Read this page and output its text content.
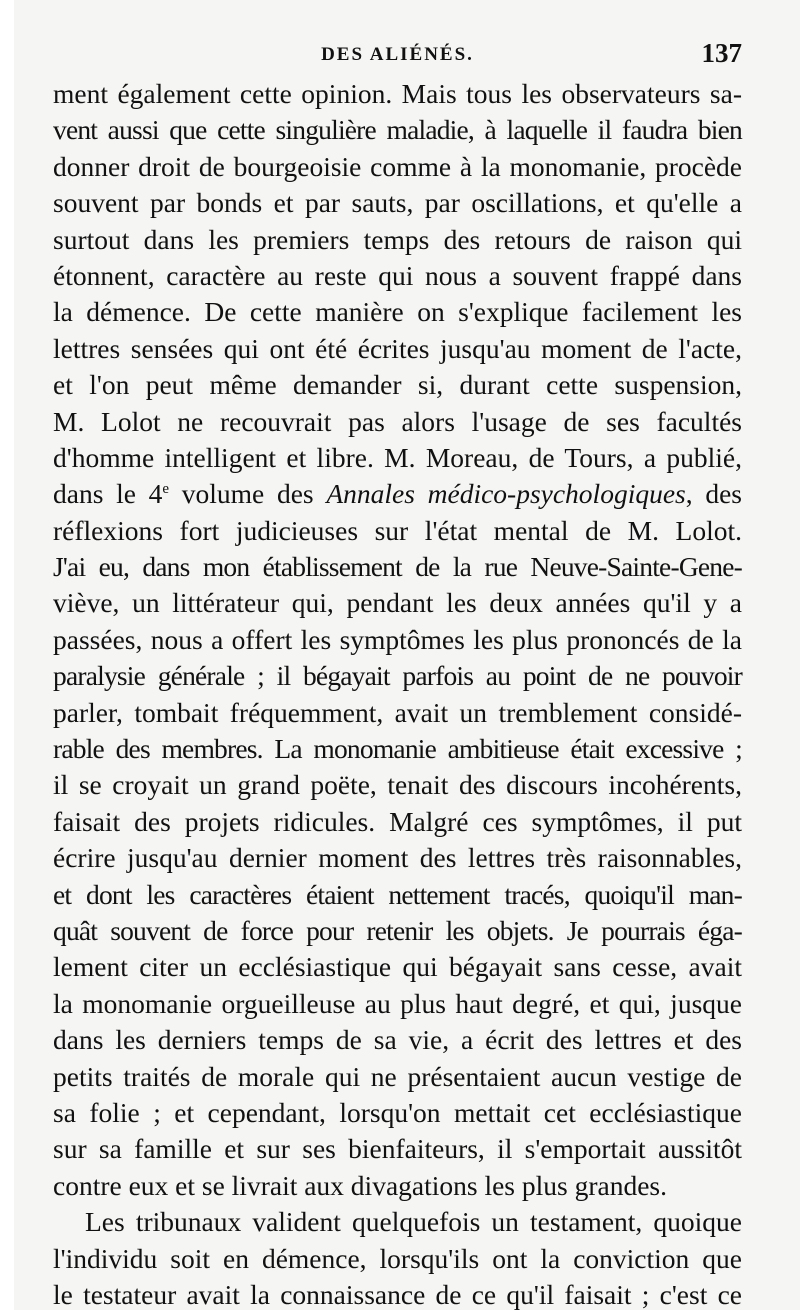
DES ALIÉNÉS.	137
ment également cette opinion. Mais tous les observateurs sa-
vent aussi que cette singulière maladie, à laquelle il faudra bien
donner droit de bourgeoisie comme à la monomanie, procède
souvent par bonds et par sauts, par oscillations, et qu'elle a
surtout dans les premiers temps des retours de raison qui
étonnent, caractère au reste qui nous a souvent frappé dans
la démence. De cette manière on s'explique facilement les
lettres sensées qui ont été écrites jusqu'au moment de l'acte,
et l'on peut même demander si, durant cette suspension,
M. Lolot ne recouvrait pas alors l'usage de ses facultés
d'homme intelligent et libre. M. Moreau, de Tours, a publié,
dans le 4e volume des Annales médico-psychologiques, des
réflexions fort judicieuses sur l'état mental de M. Lolot.
J'ai eu, dans mon établissement de la rue Neuve-Sainte-Gene-
viève, un littérateur qui, pendant les deux années qu'il y a
passées, nous a offert les symptômes les plus prononcés de la
paralysie générale ; il bégayait parfois au point de ne pouvoir
parler, tombait fréquemment, avait un tremblement considé-
rable des membres. La monomanie ambitieuse était excessive ;
il se croyait un grand poëte, tenait des discours incohérents,
faisait des projets ridicules. Malgré ces symptômes, il put
écrire jusqu'au dernier moment des lettres très raisonnables,
et dont les caractères étaient nettement tracés, quoiqu'il man-
quât souvent de force pour retenir les objets. Je pourrais éga-
lement citer un ecclésiastique qui bégayait sans cesse, avait
la monomanie orgueilleuse au plus haut degré, et qui, jusque
dans les derniers temps de sa vie, a écrit des lettres et des
petits traités de morale qui ne présentaient aucun vestige de
sa folie ; et cependant, lorsqu'on mettait cet ecclésiastique
sur sa famille et sur ses bienfaiteurs, il s'emportait aussitôt
contre eux et se livrait aux divagations les plus grandes.
Les tribunaux valident quelquefois un testament, quoique
l'individu soit en démence, lorsqu'ils ont la conviction que
le testateur avait la connaissance de ce qu'il faisait ; c'est ce
